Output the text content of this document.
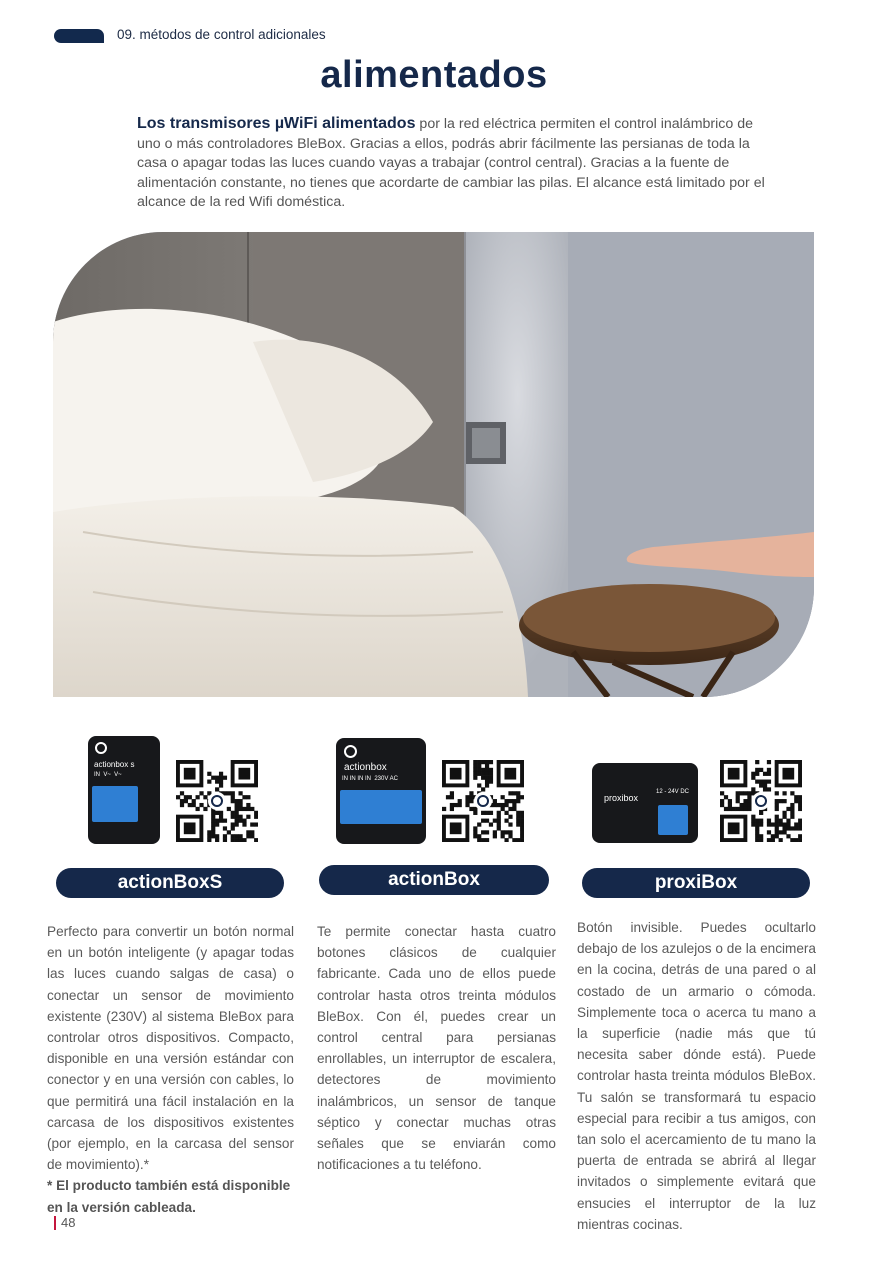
09. métodos de control adicionales
alimentados

Los transmisores µWiFi alimentados por la red eléctrica permiten el control inalámbrico de uno o más controladores BleBox. Gracias a ellos, podrás abrir fácilmente las persianas de toda la casa o apagar todas las luces cuando vayas a trabajar (control central). Gracias a la fuente de alimentación constante, no tienes que acordarte de cambiar las pilas. El alcance está limitado por el alcance de la red Wifi doméstica.

actionbox s
IN  V~  V~
actionBoxS
actionbox
IN IN IN IN  230V AC
actionBox
proxibox
12 - 24V DC
proxiBox
Perfecto para convertir un botón normal en un botón inteligente (y apagar todas las luces cuando salgas de casa) o conectar un sensor de movimiento existente (230V) al sistema BleBox para controlar otros dispositivos. Compacto, disponible en una versión estándar con conector y en una versión con cables, lo que permitirá una fácil instalación en la carcasa de los dispositivos existentes (por ejemplo, en la carcasa del sensor de movimiento).*
* El producto también está disponible en la versión cableada.
Te permite conectar hasta cuatro botones clásicos de cualquier fabricante. Cada uno de ellos puede controlar hasta otros treinta módulos BleBox. Con él, puedes crear un control central para persianas enrollables, un interruptor de escalera, detectores de movimiento inalámbricos, un sensor de tanque séptico y conectar muchas otras señales que se enviarán como notificaciones a tu teléfono.
Botón invisible. Puedes ocultarlo debajo de los azulejos o de la encimera en la cocina, detrás de una pared o al costado de un armario o cómoda. Simplemente toca o acerca tu mano a la superficie (nadie más que tú necesita saber dónde está). Puede controlar hasta treinta módulos BleBox. Tu salón se transformará tu espacio especial para recibir a tus amigos, con tan solo el acercamiento de tu mano la puerta de entrada se abrirá al llegar invitados o simplemente evitará que ensucies el interruptor de la luz mientras cocinas.
48
